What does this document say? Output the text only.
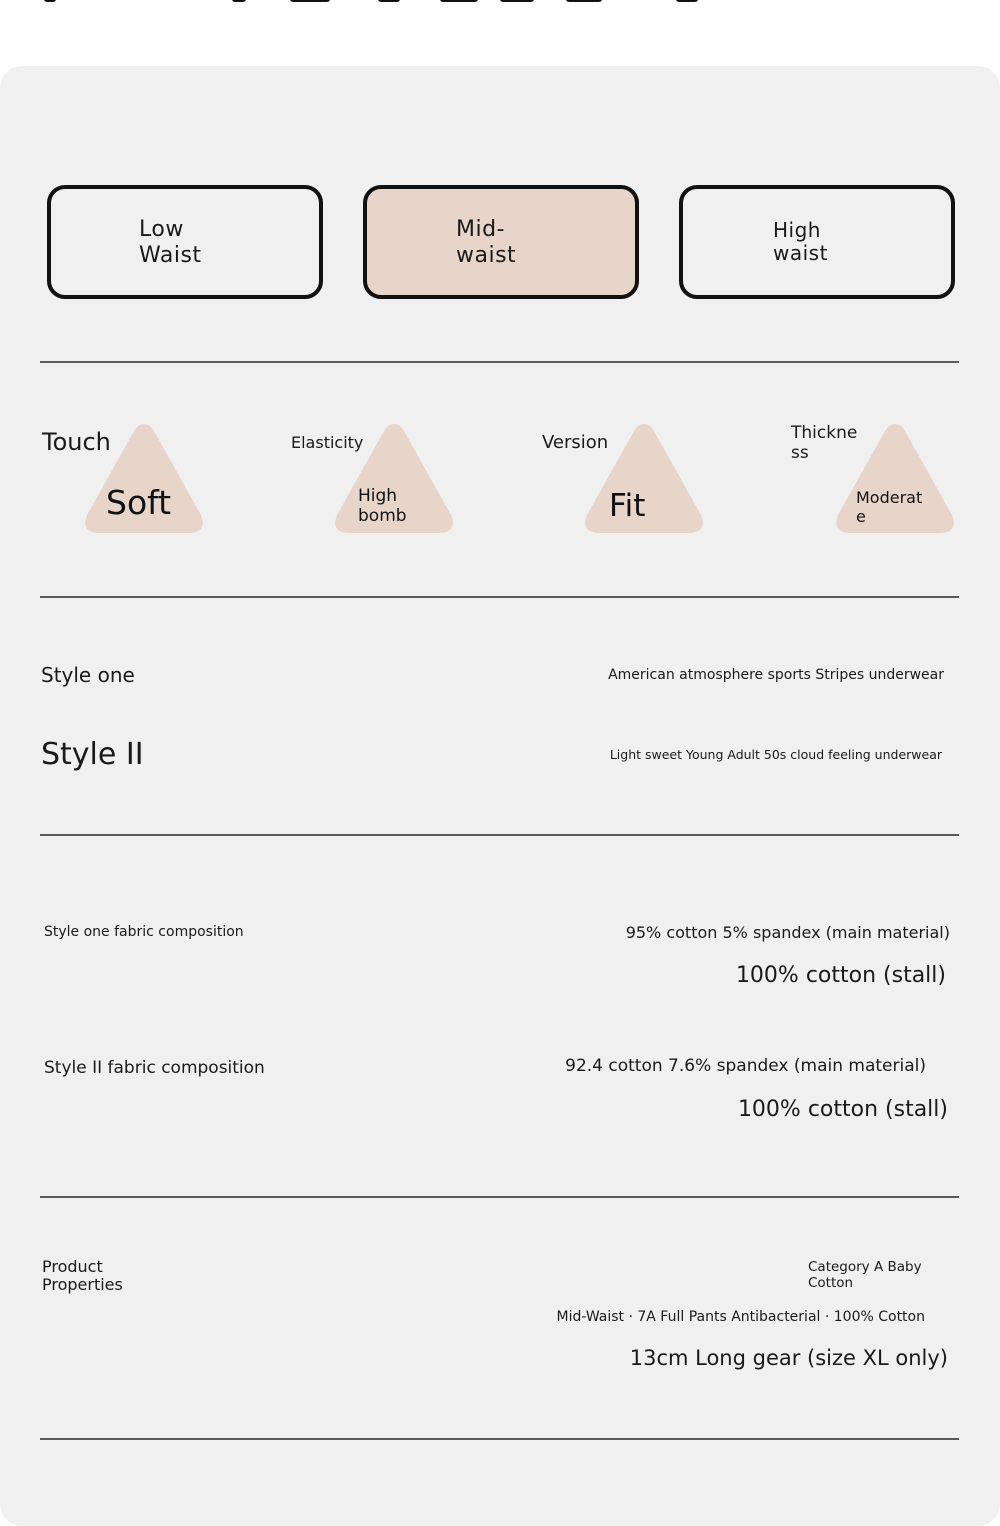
Low
Waist
Mid-
waist
High
waist
Touch
Soft
Elasticity
High
bomb
Version
Fit
Thickne
ss
Moderat
e
Style one	American atmosphere sports Stripes underwear
Style II	Light sweet Young Adult 50s cloud feeling underwear
Style one fabric composition	95% cotton 5% spandex (main material)
100% cotton (stall)
Style II fabric composition	92.4 cotton 7.6% spandex (main material)
100% cotton (stall)
Product
Properties
Category A Baby
Cotton
Mid-Waist · 7A Full Pants Antibacterial · 100% Cotton
13cm Long gear (size XL only)
